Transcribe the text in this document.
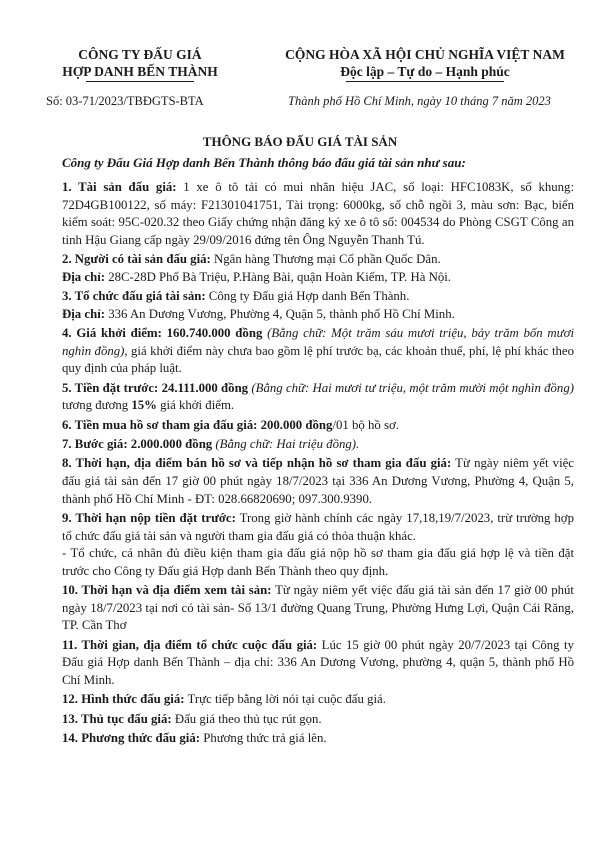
CÔNG TY ĐẤU GIÁ
HỢP DANH BẾN THÀNH
CỘNG HÒA XÃ HỘI CHỦ NGHĨA VIỆT NAM
Độc lập – Tự do – Hạnh phúc
Số: 03-71/2023/TBĐGTS-BTA	Thành phố Hồ Chí Minh, ngày 10 tháng 7 năm 2023
THÔNG BÁO ĐẤU GIÁ TÀI SẢN
Công ty Đấu Giá Hợp danh Bến Thành thông báo đấu giá tài sản như sau:

1. Tài sản đấu giá: 1 xe ô tô tải có mui nhãn hiệu JAC, số loại: HFC1083K, số khung: 72D4GB100122, số máy: F21301041751, Tài trọng: 6000kg, số chỗ ngồi 3, màu sơn: Bạc, biển kiểm soát: 95C-020.32 theo Giấy chứng nhận đăng ký xe ô tô số: 004534 do Phòng CSGT Công an tỉnh Hậu Giang cấp ngày 29/09/2016 đứng tên Ông Nguyễn Thanh Tú.

2. Người có tài sản đấu giá: Ngân hàng Thương mại Cổ phần Quốc Dân.
Địa chỉ: 28C-28D Phố Bà Triệu, P.Hàng Bài, quận Hoàn Kiếm, TP. Hà Nội.

3. Tổ chức đấu giá tài sản: Công ty Đấu giá Hợp danh Bến Thành.
Địa chỉ: 336 An Dương Vương, Phường 4, Quận 5, thành phố Hồ Chí Minh.

4. Giá khởi điểm: 160.740.000 đồng (Bằng chữ: Một trăm sáu mươi triệu, bảy trăm bốn mươi nghìn đồng), giá khởi điểm này chưa bao gồm lệ phí trước bạ, các khoản thuế, phí, lệ phí khác theo quy định của pháp luật.

5. Tiền đặt trước: 24.111.000 đồng (Bằng chữ: Hai mươi tư triệu, một trăm mười một nghìn đồng) tương đương 15% giá khởi điểm.

6. Tiền mua hồ sơ tham gia đấu giá: 200.000 đồng/01 bộ hồ sơ.

7. Bước giá: 2.000.000 đồng (Bằng chữ: Hai triệu đồng).

8. Thời hạn, địa điểm bán hồ sơ và tiếp nhận hồ sơ tham gia đấu giá: Từ ngày niêm yết việc đấu giá tài sản đến 17 giờ 00 phút ngày 18/7/2023 tại 336 An Dương Vương, Phường 4, Quận 5, thành phố Hồ Chí Minh - ĐT: 028.66820690; 097.300.9390.

9. Thời hạn nộp tiền đặt trước: Trong giờ hành chính các ngày 17,18,19/7/2023, trừ trường hợp tổ chức đấu giá tài sản và người tham gia đấu giá có thỏa thuận khác.
- Tổ chức, cá nhân đủ điều kiện tham gia đấu giá nộp hồ sơ tham gia đấu giá hợp lệ và tiền đặt trước cho Công ty Đấu giá Hợp danh Bến Thành theo quy định.

10. Thời hạn và địa điểm xem tài sản: Từ ngày niêm yết việc đấu giá tài sản đến 17 giờ 00 phút ngày 18/7/2023 tại nơi có tài sản- Số 13/1 đường Quang Trung, Phường Hưng Lợi, Quận Cái Răng, TP. Cần Thơ

11. Thời gian, địa điểm tổ chức cuộc đấu giá: Lúc 15 giờ 00 phút ngày 20/7/2023 tại Công ty Đấu giá Hợp danh Bến Thành – địa chỉ: 336 An Dương Vương, phường 4, quận 5, thành phố Hồ Chí Minh.

12. Hình thức đấu giá: Trực tiếp bằng lời nói tại cuộc đấu giá.

13. Thủ tục đấu giá: Đấu giá theo thủ tục rút gọn.

14. Phương thức đấu giá: Phương thức trả giá lên.
